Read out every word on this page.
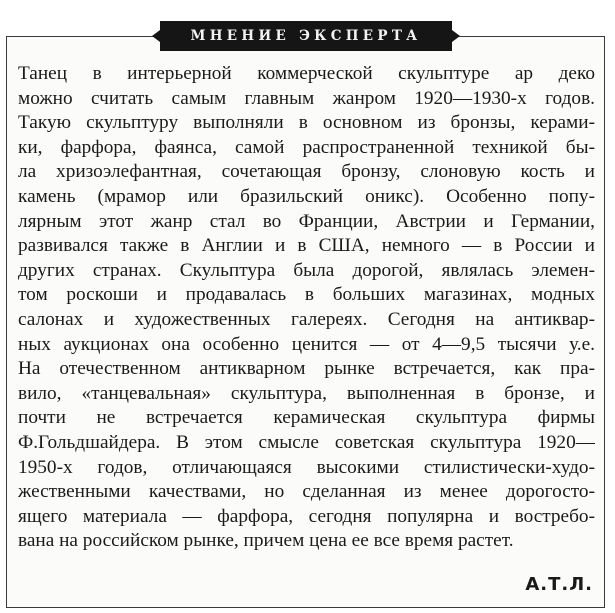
МНЕНИЕ ЭКСПЕРТА

Танец в интерьерной коммерческой скульптуре ар деко
можно считать самым главным жанром 1920—1930-х годов.
Такую скульптуру выполняли в основном из бронзы, керами-
ки, фарфора, фаянса, самой распространенной техникой бы-
ла хризоэлефантная, сочетающая бронзу, слоновую кость и
камень (мрамор или бразильский оникс). Особенно попу-
лярным этот жанр стал во Франции, Австрии и Германии,
развивался также в Англии и в США, немного — в России и
других странах. Скульптура была дорогой, являлась элемен-
том роскоши и продавалась в больших магазинах, модных
салонах и художественных галереях. Сегодня на антиквар-
ных аукционах она особенно ценится — от 4—9,5 тысячи у.е.
На отечественном антикварном рынке встречается, как пра-
вило, «танцевальная» скульптура, выполненная в бронзе, и
почти не встречается керамическая скульптура фирмы
Ф.Гольдшайдера. В этом смысле советская скульптура 1920—
1950-х годов, отличающаяся высокими стилистически-худо-
жественными качествами, но сделанная из менее дорогосто-
ящего материала — фарфора, сегодня популярна и востребо-
вана на российском рынке, причем цена ее все время растет.

А.Т.Л.
